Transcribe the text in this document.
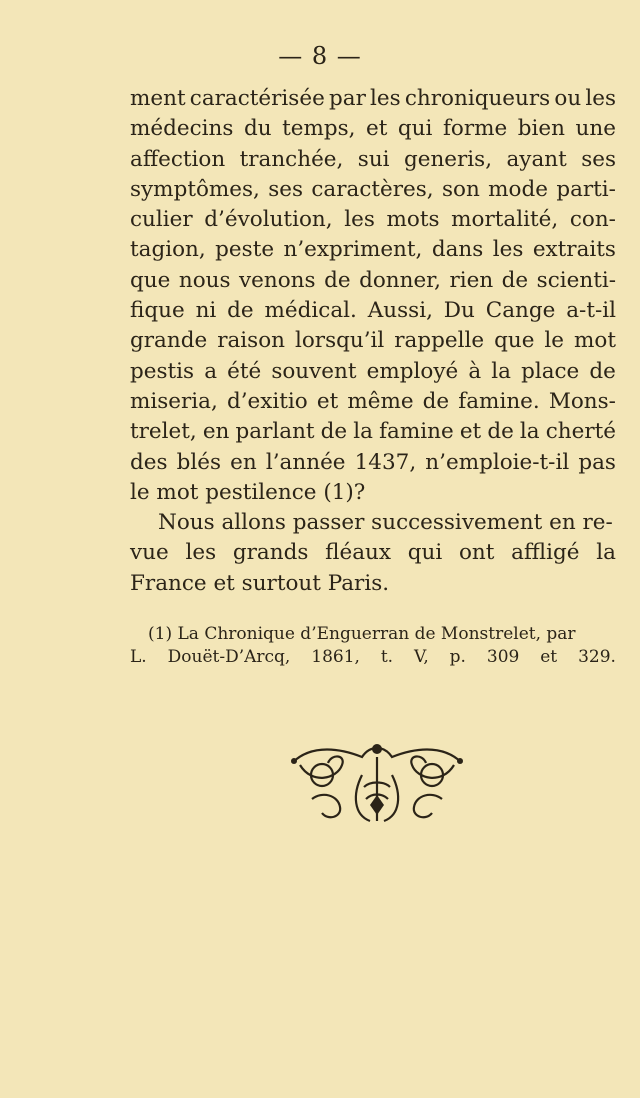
— 8 —
ment caractérisée par les chroniqueurs ou les
médecins du temps, et qui forme bien une
affection tranchée, sui generis, ayant ses
symptômes, ses caractères, son mode parti-
culier d’évolution, les mots mortalité, con-
tagion, peste n’expriment, dans les extraits
que nous venons de donner, rien de scienti-
fique ni de médical. Aussi, Du Cange a-t-il
grande raison lorsqu’il rappelle que le mot
pestis a été souvent employé à la place de
miseria, d’exitio et même de famine. Mons-
trelet, en parlant de la famine et de la cherté
des blés en l’année 1437, n’emploie-t-il pas
le mot pestilence (1)?
Nous allons passer successivement en re-
vue les grands fléaux qui ont affligé la
France et surtout Paris.
(1) La Chronique d’Enguerran de Monstrelet, par
L. Douët-D’Arcq, 1861, t. V, p. 309 et 329.
